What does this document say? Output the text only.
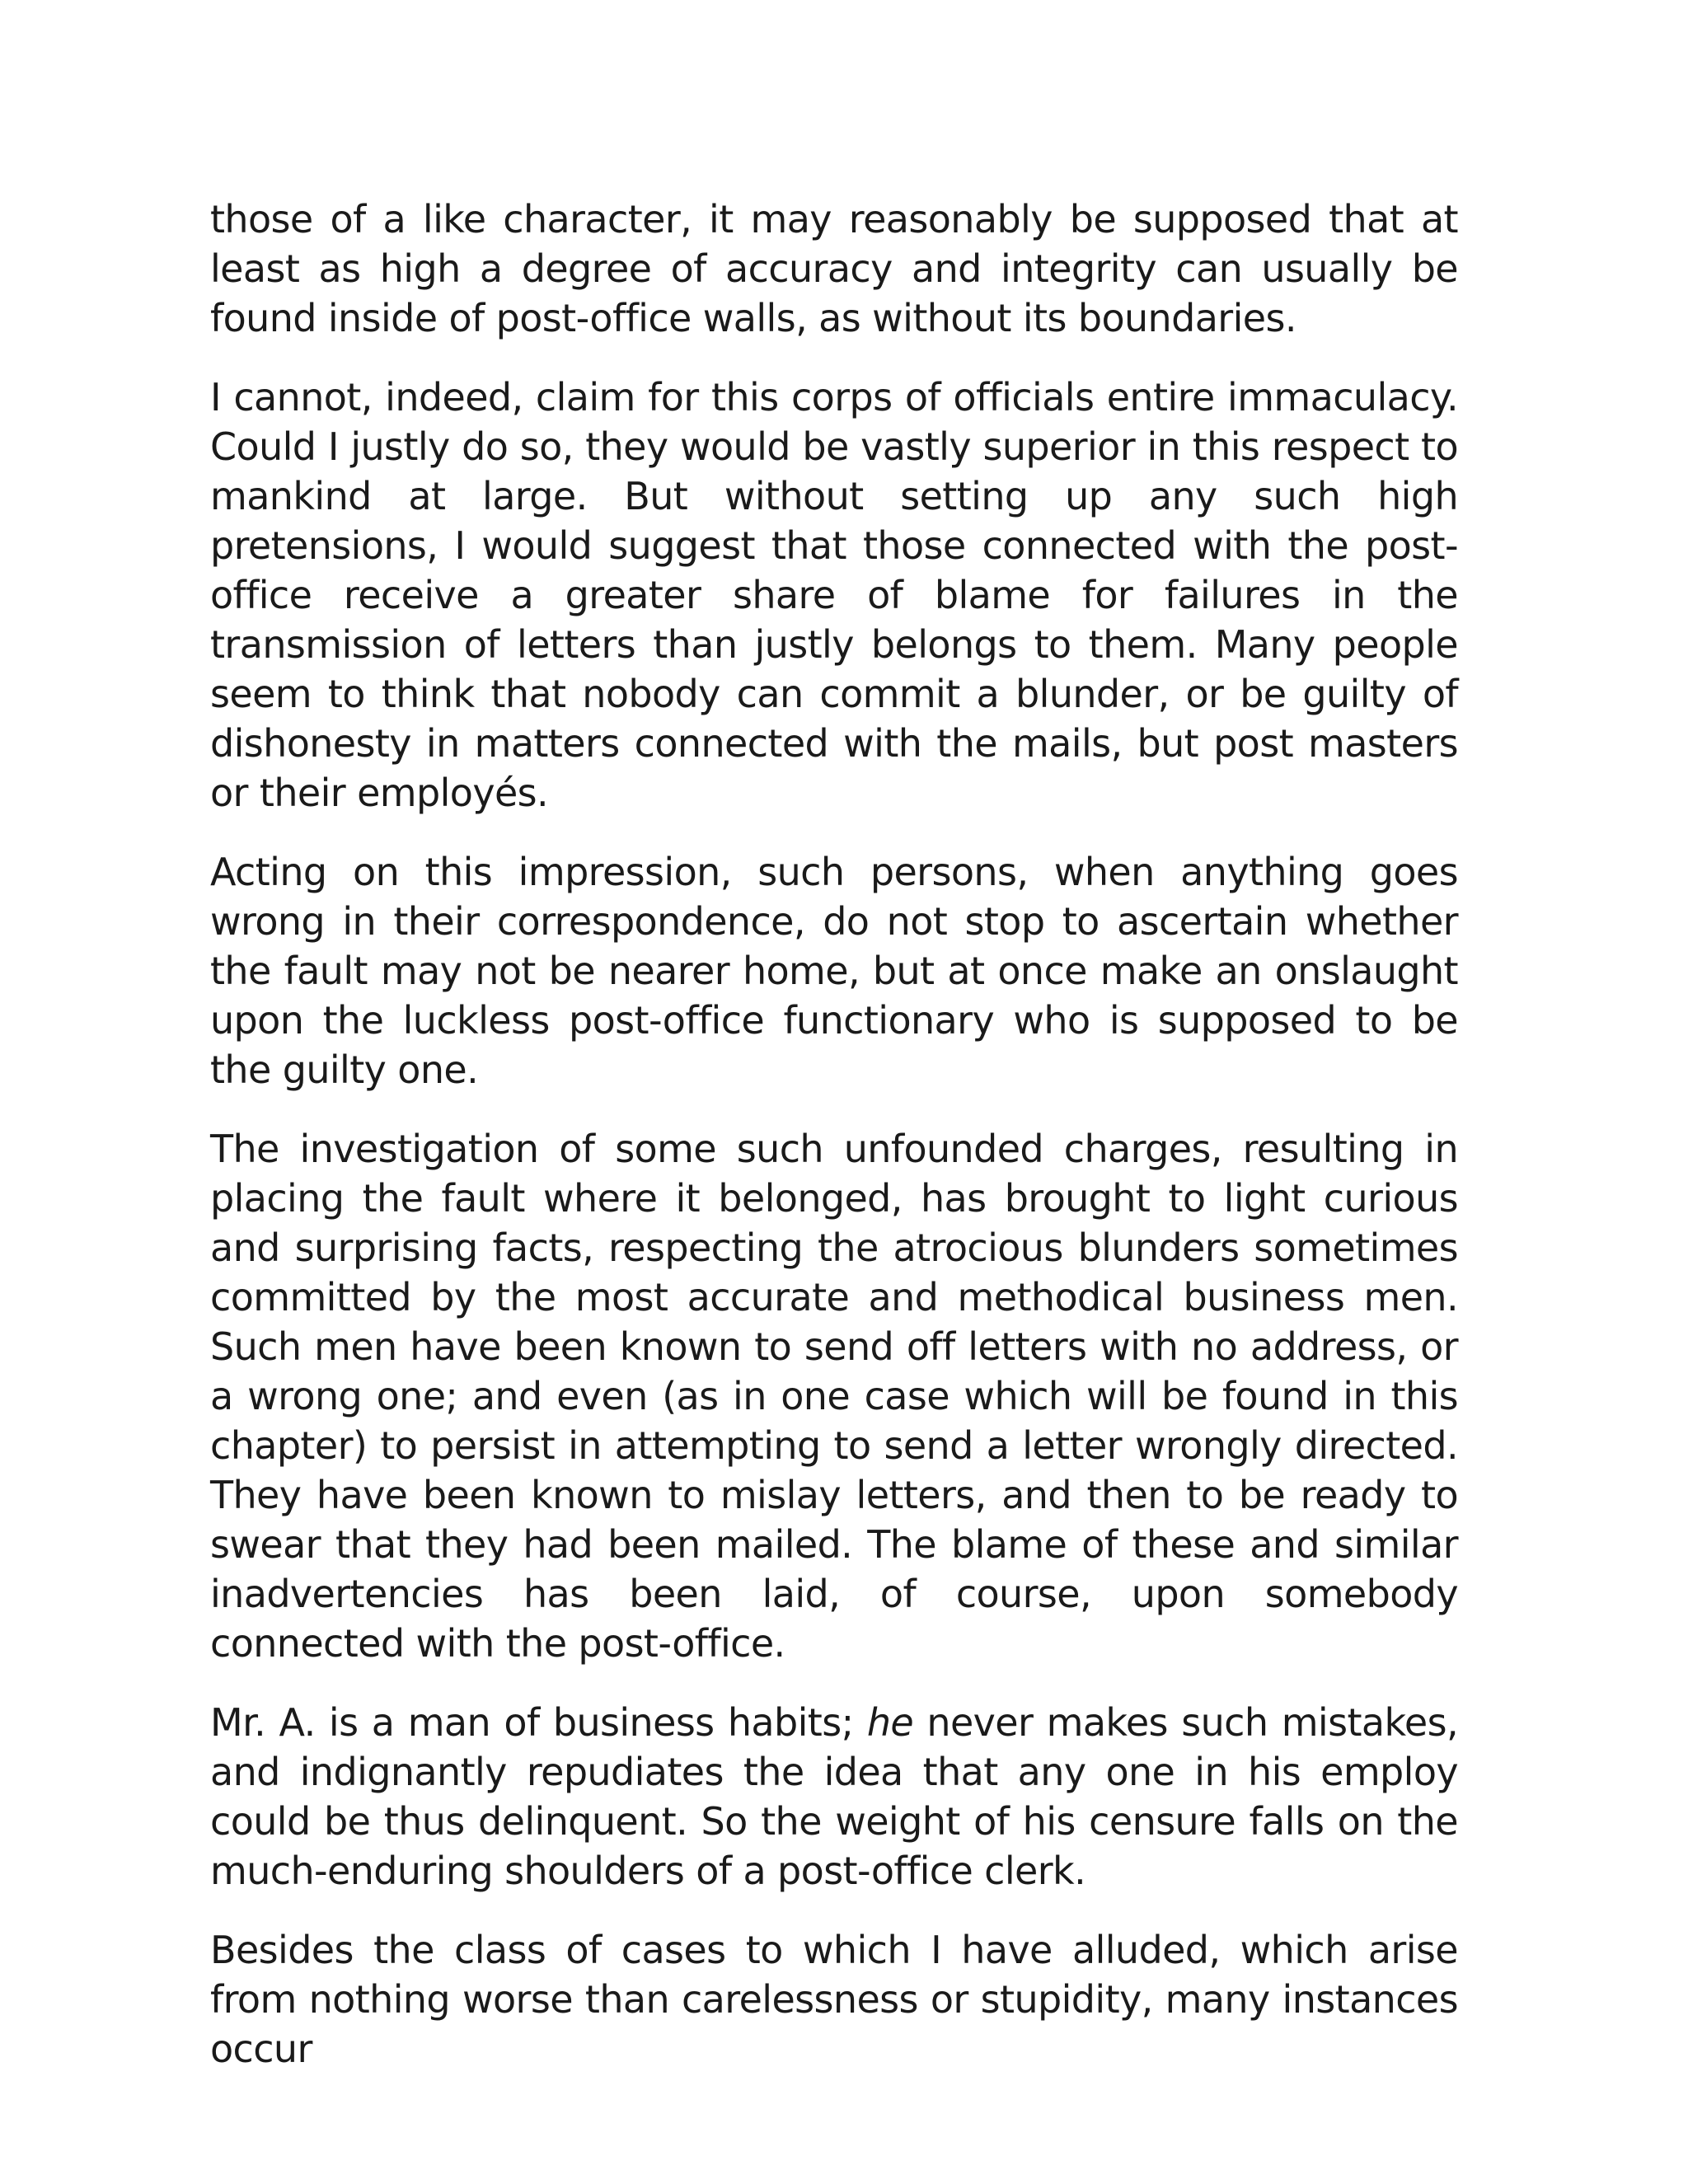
those of a like character, it may reasonably be supposed that at least as high a degree of accuracy and integrity can usually be found inside of post-office walls, as without its boundaries.

I cannot, indeed, claim for this corps of officials entire immaculacy. Could I justly do so, they would be vastly superior in this respect to mankind at large. But without setting up any such high pretensions, I would suggest that those connected with the post-office receive a greater share of blame for failures in the transmission of letters than justly belongs to them. Many people seem to think that nobody can commit a blunder, or be guilty of dishonesty in matters connected with the mails, but post masters or their employés.

Acting on this impression, such persons, when anything goes wrong in their correspondence, do not stop to ascertain whether the fault may not be nearer home, but at once make an onslaught upon the luckless post-office functionary who is supposed to be the guilty one.

The investigation of some such unfounded charges, resulting in placing the fault where it belonged, has brought to light curious and surprising facts, respecting the atrocious blunders sometimes committed by the most accurate and methodical business men. Such men have been known to send off letters with no address, or a wrong one; and even (as in one case which will be found in this chapter) to persist in attempting to send a letter wrongly directed. They have been known to mislay letters, and then to be ready to swear that they had been mailed. The blame of these and similar inadvertencies has been laid, of course, upon somebody connected with the post-office.

Mr. A. is a man of business habits; he never makes such mistakes, and indignantly repudiates the idea that any one in his employ could be thus delinquent. So the weight of his censure falls on the much-enduring shoulders of a post-office clerk.

Besides the class of cases to which I have alluded, which arise from nothing worse than carelessness or stupidity, many instances occur
